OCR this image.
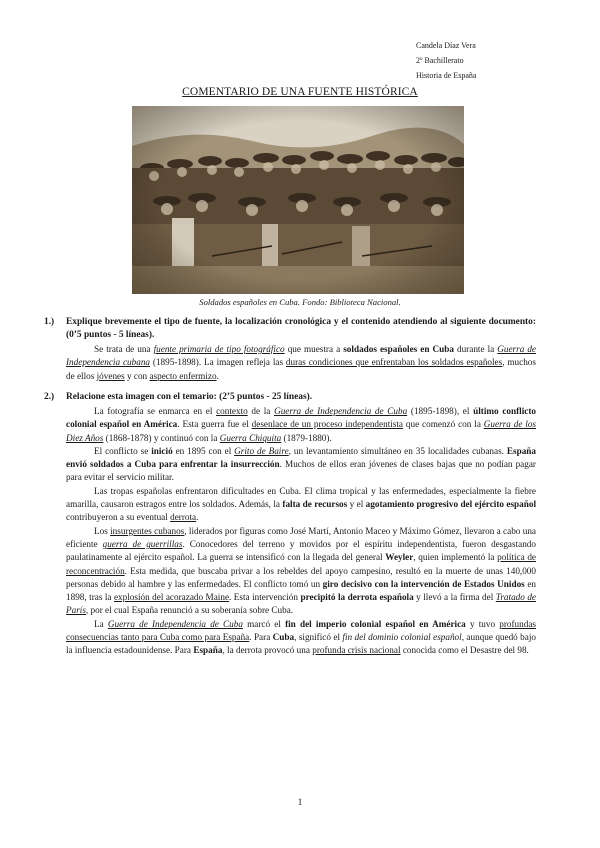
Candela Díaz Vera
2º Bachillerato
Historia de España
COMENTARIO DE UNA FUENTE HISTÓRICA
Soldados españoles en Cuba. Fondo: Biblioteca Nacional.
1.) Explique brevemente el tipo de fuente, la localización cronológica y el contenido atendiendo al siguiente documento: (0’5 puntos - 5 líneas).

Se trata de una fuente primaria de tipo fotográfico que muestra a soldados españoles en Cuba durante la Guerra de Independencia cubana (1895-1898). La imagen refleja las duras condiciones que enfrentaban los soldados españoles, muchos de ellos jóvenes y con aspecto enfermizo.

2.) Relacione esta imagen con el temario: (2’5 puntos - 25 líneas).

La fotografía se enmarca en el contexto de la Guerra de Independencia de Cuba (1895-1898), el último conflicto colonial español en América. Esta guerra fue el desenlace de un proceso independentista que comenzó con la Guerra de los Diez Años (1868-1878) y continuó con la Guerra Chiquita (1879-1880).

El conflicto se inició en 1895 con el Grito de Baire, un levantamiento simultáneo en 35 localidades cubanas. España envió soldados a Cuba para enfrentar la insurrección. Muchos de ellos eran jóvenes de clases bajas que no podían pagar para evitar el servicio militar.

Las tropas españolas enfrentaron dificultades en Cuba. El clima tropical y las enfermedades, especialmente la fiebre amarilla, causaron estragos entre los soldados. Además, la falta de recursos y el agotamiento progresivo del ejército español contribuyeron a su eventual derrota.

Los insurgentes cubanos, liderados por figuras como José Martí, Antonio Maceo y Máximo Gómez, llevaron a cabo una eficiente guerra de guerrillas. Conocedores del terreno y movidos por el espíritu independentista, fueron desgastando paulatinamente al ejército español. La guerra se intensificó con la llegada del general Weyler, quien implementó la política de reconcentración. Esta medida, que buscaba privar a los rebeldes del apoyo campesino, resultó en la muerte de unas 140,000 personas debido al hambre y las enfermedades. El conflicto tomó un giro decisivo con la intervención de Estados Unidos en 1898, tras la explosión del acorazado Maine. Esta intervención precipitó la derrota española y llevó a la firma del Tratado de París, por el cual España renunció a su soberanía sobre Cuba.

La Guerra de Independencia de Cuba marcó el fin del imperio colonial español en América y tuvo profundas consecuencias tanto para Cuba como para España. Para Cuba, significó el fin del dominio colonial español, aunque quedó bajo la influencia estadounidense. Para España, la derrota provocó una profunda crisis nacional conocida como el Desastre del 98.

1
